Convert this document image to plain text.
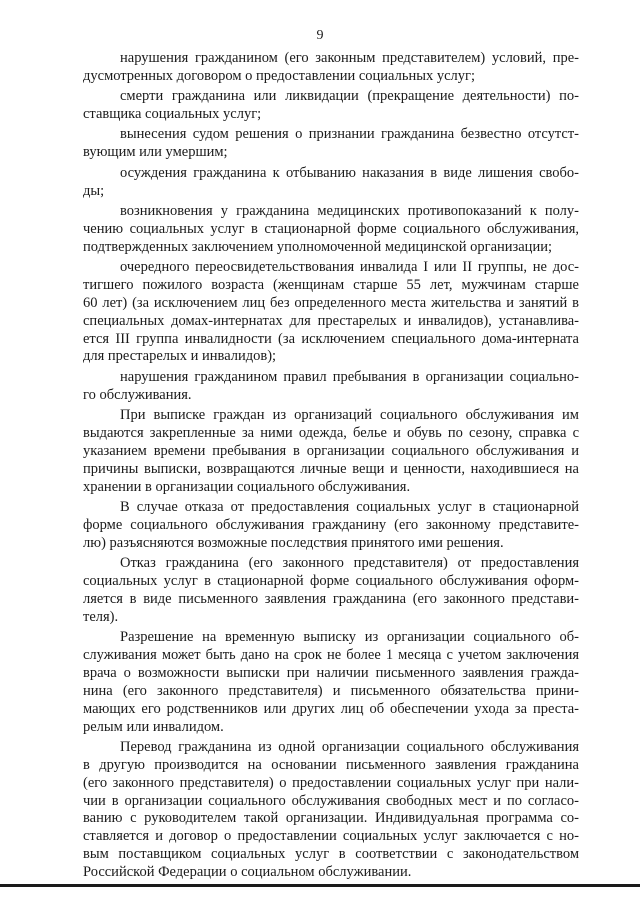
9

нарушения гражданином (его законным представителем) условий, пре-
дусмотренных договором о предоставлении социальных услуг;

смерти гражданина или ликвидации (прекращение деятельности) по-
ставщика социальных услуг;

вынесения судом решения о признании гражданина безвестно отсутст-
вующим или умершим;

осуждения гражданина к отбыванию наказания в виде лишения свобо-
ды;

возникновения у гражданина медицинских противопоказаний к полу-
чению социальных услуг в стационарной форме социального обслуживания,
подтвержденных заключением уполномоченной медицинской организации;

очередного переосвидетельствования инвалида I или II группы, не дос-
тигшего пожилого возраста (женщинам старше 55 лет, мужчинам старше
60 лет) (за исключением лиц без определенного места жительства и занятий в
специальных домах-интернатах для престарелых и инвалидов), устанавлива-
ется III группа инвалидности (за исключением специального дома-интерната
для престарелых и инвалидов);

нарушения гражданином правил пребывания в организации социально-
го обслуживания.

При выписке граждан из организаций социального обслуживания им
выдаются закрепленные за ними одежда, белье и обувь по сезону, справка с
указанием времени пребывания в организации социального обслуживания и
причины выписки, возвращаются личные вещи и ценности, находившиеся на
хранении в организации социального обслуживания.

В случае отказа от предоставления социальных услуг в стационарной
форме социального обслуживания гражданину (его законному представите-
лю) разъясняются возможные последствия принятого ими решения.

Отказ гражданина (его законного представителя) от предоставления
социальных услуг в стационарной форме социального обслуживания оформ-
ляется в виде письменного заявления гражданина (его законного представи-
теля).

Разрешение на временную выписку из организации социального об-
служивания может быть дано на срок не более 1 месяца с учетом заключения
врача о возможности выписки при наличии письменного заявления гражда-
нина (его законного представителя) и письменного обязательства прини-
мающих его родственников или других лиц об обеспечении ухода за преста-
релым или инвалидом.

Перевод гражданина из одной организации социального обслуживания
в другую производится на основании письменного заявления гражданина
(его законного представителя) о предоставлении социальных услуг при нали-
чии в организации социального обслуживания свободных мест и по согласо-
ванию с руководителем такой организации. Индивидуальная программа со-
ставляется и договор о предоставлении социальных услуг заключается с но-
вым поставщиком социальных услуг в соответствии с законодательством
Российской Федерации о социальном обслуживании.
